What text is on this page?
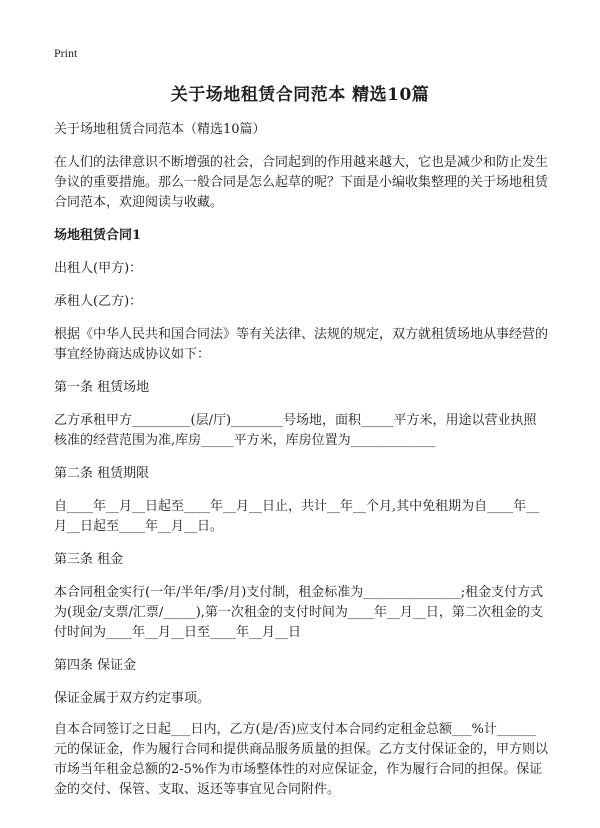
Print
关于场地租赁合同范本 精选10篇

关于场地租赁合同范本（精选10篇）

在人们的法律意识不断增强的社会，合同起到的作用越来越大，它也是减少和防止发生争议的重要措施。那么一般合同是怎么起草的呢？下面是小编收集整理的关于场地租赁合同范本，欢迎阅读与收藏。

场地租赁合同1

出租人(甲方)：

承租人(乙方)：

根据《中华人民共和国合同法》等有关法律、法规的规定，双方就租赁场地从事经营的事宜经协商达成协议如下：

第一条 租赁场地

乙方承租甲方_________(层/厅)________号场地，面积_____平方米，用途以营业执照核准的经营范围为准,库房_____平方米，库房位置为_____________

第二条 租赁期限

自____年__月__日起至____年__月__日止，共计__年__个月,其中免租期为自____年__月__日起至____年__月__日。

第三条 租金

本合同租金实行(一年/半年/季/月)支付制，租金标准为_______________;租金支付方式为(现金/支票/汇票/_____),第一次租金的支付时间为____年__月__日，第二次租金的支付时间为____年__月__日至____年__月__日

第四条 保证金

保证金属于双方约定事项。

自本合同签订之日起___日内，乙方(是/否)应支付本合同约定租金总额___%计______元的保证金，作为履行合同和提供商品服务质量的担保。乙方支付保证金的，甲方则以市场当年租金总额的2-5%作为市场整体性的对应保证金，作为履行合同的担保。保证金的交付、保管、支取、返还等事宜见合同附件。
